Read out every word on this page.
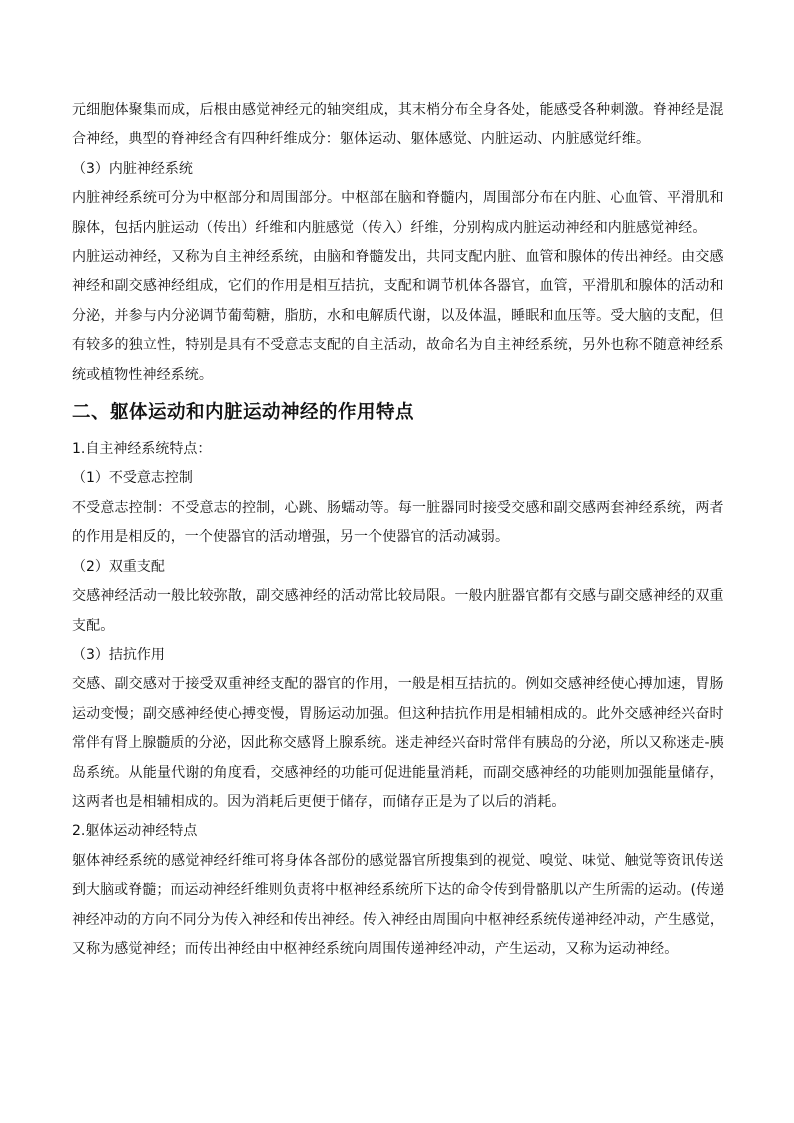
元细胞体聚集而成，后根由感觉神经元的轴突组成，其末梢分布全身各处，能感受各种刺激。脊神经是混
合神经，典型的脊神经含有四种纤维成分：躯体运动、躯体感觉、内脏运动、内脏感觉纤维。

（3）内脏神经系统

内脏神经系统可分为中枢部分和周围部分。中枢部在脑和脊髓内，周围部分布在内脏、心血管、平滑肌和
腺体，包括内脏运动（传出）纤维和内脏感觉（传入）纤维，分别构成内脏运动神经和内脏感觉神经。

内脏运动神经，又称为自主神经系统，由脑和脊髓发出，共同支配内脏、血管和腺体的传出神经。由交感
神经和副交感神经组成，它们的作用是相互拮抗，支配和调节机体各器官，血管，平滑肌和腺体的活动和
分泌，并参与内分泌调节葡萄糖，脂肪，水和电解质代谢，以及体温，睡眠和血压等。受大脑的支配，但
有较多的独立性，特别是具有不受意志支配的自主活动，故命名为自主神经系统，另外也称不随意神经系
统或植物性神经系统。

二、躯体运动和内脏运动神经的作用特点

1.自主神经系统特点：

（1）不受意志控制

不受意志控制：不受意志的控制，心跳、肠蠕动等。每一脏器同时接受交感和副交感两套神经系统，两者
的作用是相反的，一个使器官的活动增强，另一个使器官的活动减弱。

（2）双重支配

交感神经活动一般比较弥散，副交感神经的活动常比较局限。一般内脏器官都有交感与副交感神经的双重
支配。

（3）拮抗作用

交感、副交感对于接受双重神经支配的器官的作用，一般是相互拮抗的。例如交感神经使心搏加速，胃肠
运动变慢；副交感神经使心搏变慢，胃肠运动加强。但这种拮抗作用是相辅相成的。此外交感神经兴奋时
常伴有肾上腺髓质的分泌，因此称交感肾上腺系统。迷走神经兴奋时常伴有胰岛的分泌，所以又称迷走-胰
岛系统。从能量代谢的角度看，交感神经的功能可促进能量消耗，而副交感神经的功能则加强能量储存，
这两者也是相辅相成的。因为消耗后更便于储存，而储存正是为了以后的消耗。

2.躯体运动神经特点

躯体神经系统的感觉神经纤维可将身体各部份的感觉器官所搜集到的视觉、嗅觉、味觉、触觉等资讯传送
到大脑或脊髓；而运动神经纤维则负责将中枢神经系统所下达的命令传到骨骼肌以产生所需的运动。(传递
神经冲动的方向不同分为传入神经和传出神经。传入神经由周围向中枢神经系统传递神经冲动，产生感觉，
又称为感觉神经；而传出神经由中枢神经系统向周围传递神经冲动，产生运动，又称为运动神经。
